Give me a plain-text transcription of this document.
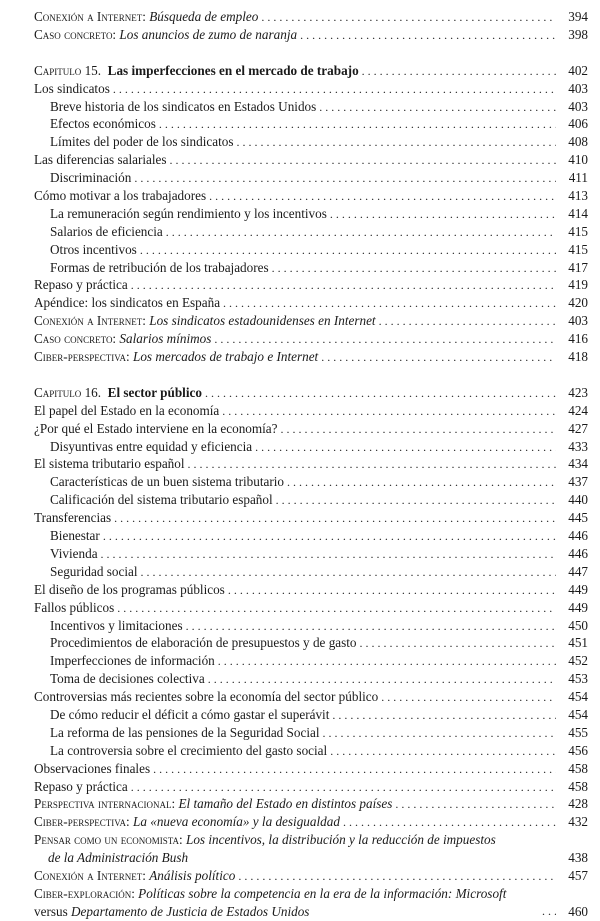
Conexión a Internet: Búsqueda de empleo . . .	394
Caso concreto: Los anuncios de zumo de naranja . . .	398
Capitulo 15.  Las imperfecciones en el mercado de trabajo . . .	402
Los sindicatos . . .	403
Breve historia de los sindicatos en Estados Unidos . . .	403
Efectos económicos . . .	406
Límites del poder de los sindicatos . . .	408
Las diferencias salariales . . .	410
Discriminación . . .	411
Cómo motivar a los trabajadores . . .	413
La remuneración según rendimiento y los incentivos . . .	414
Salarios de eficiencia . . .	415
Otros incentivos . . .	415
Formas de retribución de los trabajadores . . .	417
Repaso y práctica . . .	419
Apéndice: los sindicatos en España . . .	420
Conexión a Internet: Los sindicatos estadounidenses en Internet . . .	403
Caso concreto: Salarios mínimos . . .	416
Ciber-perspectiva: Los mercados de trabajo e Internet . . .	418
Capitulo 16.  El sector público . . .	423
El papel del Estado en la economía . . .	424
¿Por qué el Estado interviene en la economía? . . .	427
Disyuntivas entre equidad y eficiencia . . .	433
El sistema tributario español . . .	434
Características de un buen sistema tributario . . .	437
Calificación del sistema tributario español . . .	440
Transferencias . . .	445
Bienestar . . .	446
Vivienda . . .	446
Seguridad social . . .	447
El diseño de los programas públicos . . .	449
Fallos públicos . . .	449
Incentivos y limitaciones . . .	450
Procedimientos de elaboración de presupuestos y de gasto . . .	451
Imperfecciones de información . . .	452
Toma de decisiones colectiva . . .	453
Controversias más recientes sobre la economía del sector público . . .	454
De cómo reducir el déficit a cómo gastar el superávit . . .	454
La reforma de las pensiones de la Seguridad Social . . .	455
La controversia sobre el crecimiento del gasto social . . .	456
Observaciones finales . . .	458
Repaso y práctica . . .	458
Perspectiva internacional: El tamaño del Estado en distintos países . . .	428
Ciber-perspectiva: La «nueva economía» y la desigualdad . . .	432
Pensar como un economista: Los incentivos, la distribución y la reducción de impuestos
de la Administración Bush	438
Conexión a Internet: Análisis político . . .	457
Ciber-exploración: Políticas sobre la competencia en la era de la información: Microsoft
versus Departamento de Justicia de Estados Unidos . . .	460
